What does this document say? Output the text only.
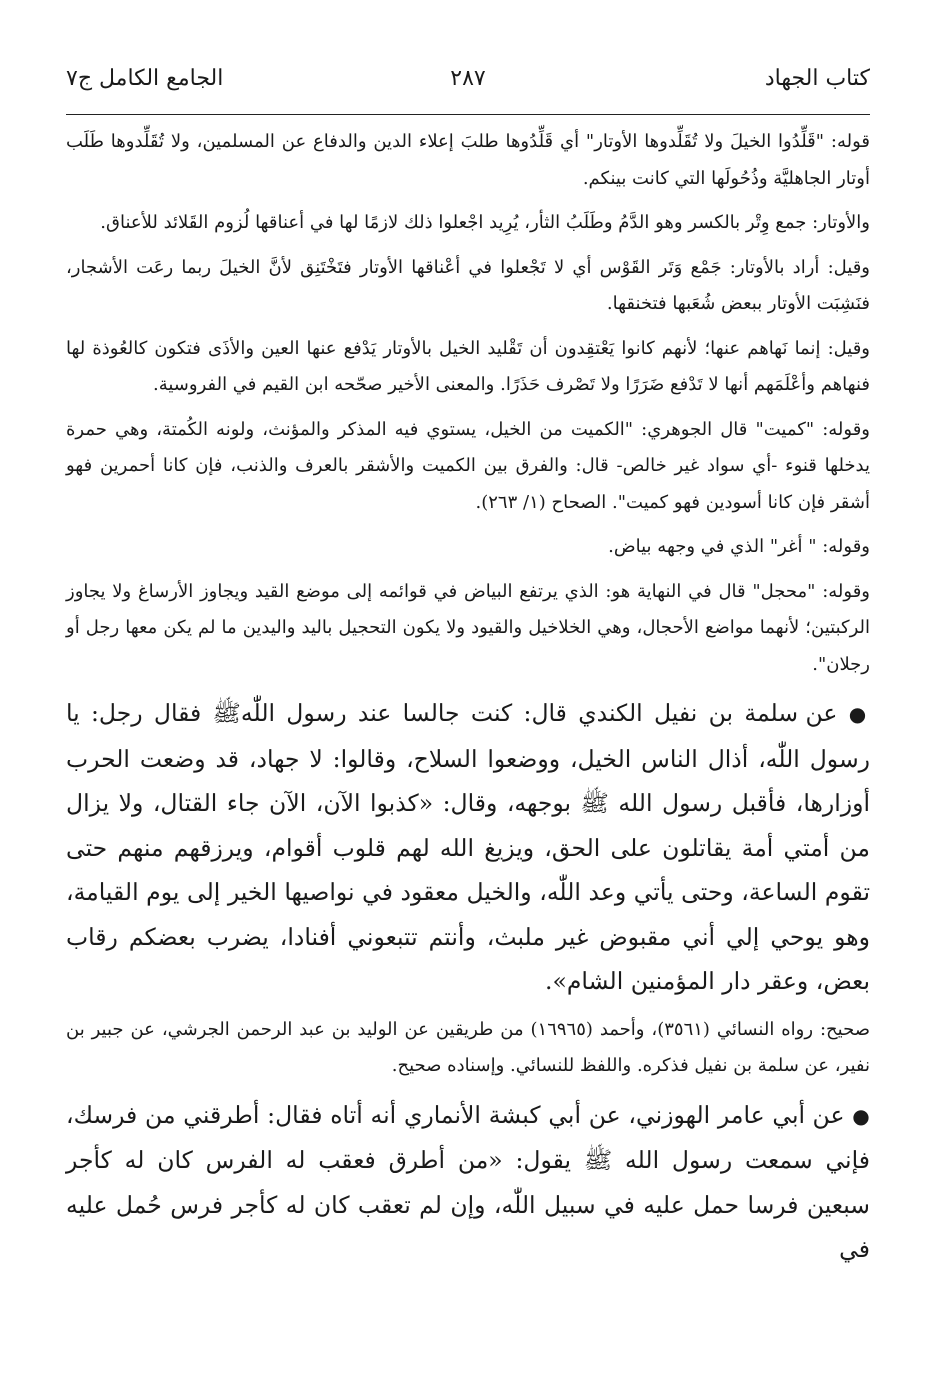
كتاب الجهاد
٢٨٧
الجامع الكامل ج٧

قوله: "قَلِّدُوا الخيلَ ولا تُقَلِّدوها الأوتار" أي قَلِّدُوها طلبَ إعلاء الدين والدفاع عن المسلمين، ولا تُقَلِّدوها طَلَب أوتار الجاهليَّة وذُحُولَها التي كانت بينكم.

والأوتار: جمع وِتْر بالكسر وهو الدَّمُ وطَلَبُ الثأر، يُرِيد اجْعلوا ذلك لازمًا لها في أعناقها لُزوم القَلائد للأعناق.

وقيل: أراد بالأوتار: جَمْع وَتَر القَوْس أي لا تَجْعلوا في أعْناقها الأوتار فتَخْتَنِق لأنَّ الخيلَ ربما رعَت الأشجار، فنَشِبَت الأوتار ببعض شُعَبها فتخنقها.

وقيل: إنما نَهاهم عنها؛ لأنهم كانوا يَعْتقِدون أن تَقْليد الخيل بالأوتار يَدْفع عنها العين والأذَى فتكون كالعُوذة لها فنهاهم وأعْلَمَهم أنها لا تَدْفع ضَرَرًا ولا تَصْرف حَذَرًا. والمعنى الأخير صحّحه ابن القيم في الفروسية.

وقوله: "كميت" قال الجوهري: "الكميت من الخيل، يستوي فيه المذكر والمؤنث، ولونه الكُمتة، وهي حمرة يدخلها قنوء -أي سواد غير خالص- قال: والفرق بين الكميت والأشقر بالعرف والذنب، فإن كانا أحمرين فهو أشقر فإن كانا أسودين فهو كميت". الصحاح (١/ ٢٦٣).

وقوله: " أغر" الذي في وجهه بياض.

وقوله: "محجل" قال في النهاية هو: الذي يرتفع البياض في قوائمه إلى موضع القيد ويجاوز الأرساغ ولا يجاوز الركبتين؛ لأنهما مواضع الأحجال، وهي الخلاخيل والقيود ولا يكون التحجيل باليد واليدين ما لم يكن معها رجل أو رجلان".

● عن سلمة بن نفيل الكندي قال: كنت جالسا عند رسول اللّٰهﷺ فقال رجل: يا رسول اللّٰه، أذال الناس الخيل، ووضعوا السلاح، وقالوا: لا جهاد، قد وضعت الحرب أوزارها، فأقبل رسول الله ﷺ بوجهه، وقال: «كذبوا الآن، الآن جاء القتال، ولا يزال من أمتي أمة يقاتلون على الحق، ويزيغ الله لهم قلوب أقوام، ويرزقهم منهم حتى تقوم الساعة، وحتى يأتي وعد اللّٰه، والخيل معقود في نواصيها الخير إلى يوم القيامة، وهو يوحي إلي أني مقبوض غير ملبث، وأنتم تتبعوني أفنادا، يضرب بعضكم رقاب بعض، وعقر دار المؤمنين الشام».

صحيح: رواه النسائي (٣٥٦١)، وأحمد (١٦٩٦٥) من طريقين عن الوليد بن عبد الرحمن الجرشي، عن جبير بن نفير، عن سلمة بن نفيل فذكره. واللفظ للنسائي. وإسناده صحيح.

● عن أبي عامر الهوزني، عن أبي كبشة الأنماري أنه أتاه فقال: أطرقني من فرسك، فإني سمعت رسول الله ﷺ يقول: «من أطرق فعقب له الفرس كان له كأجر سبعين فرسا حمل عليه في سبيل اللّٰه، وإن لم تعقب كان له كأجر فرس حُمل عليه في
